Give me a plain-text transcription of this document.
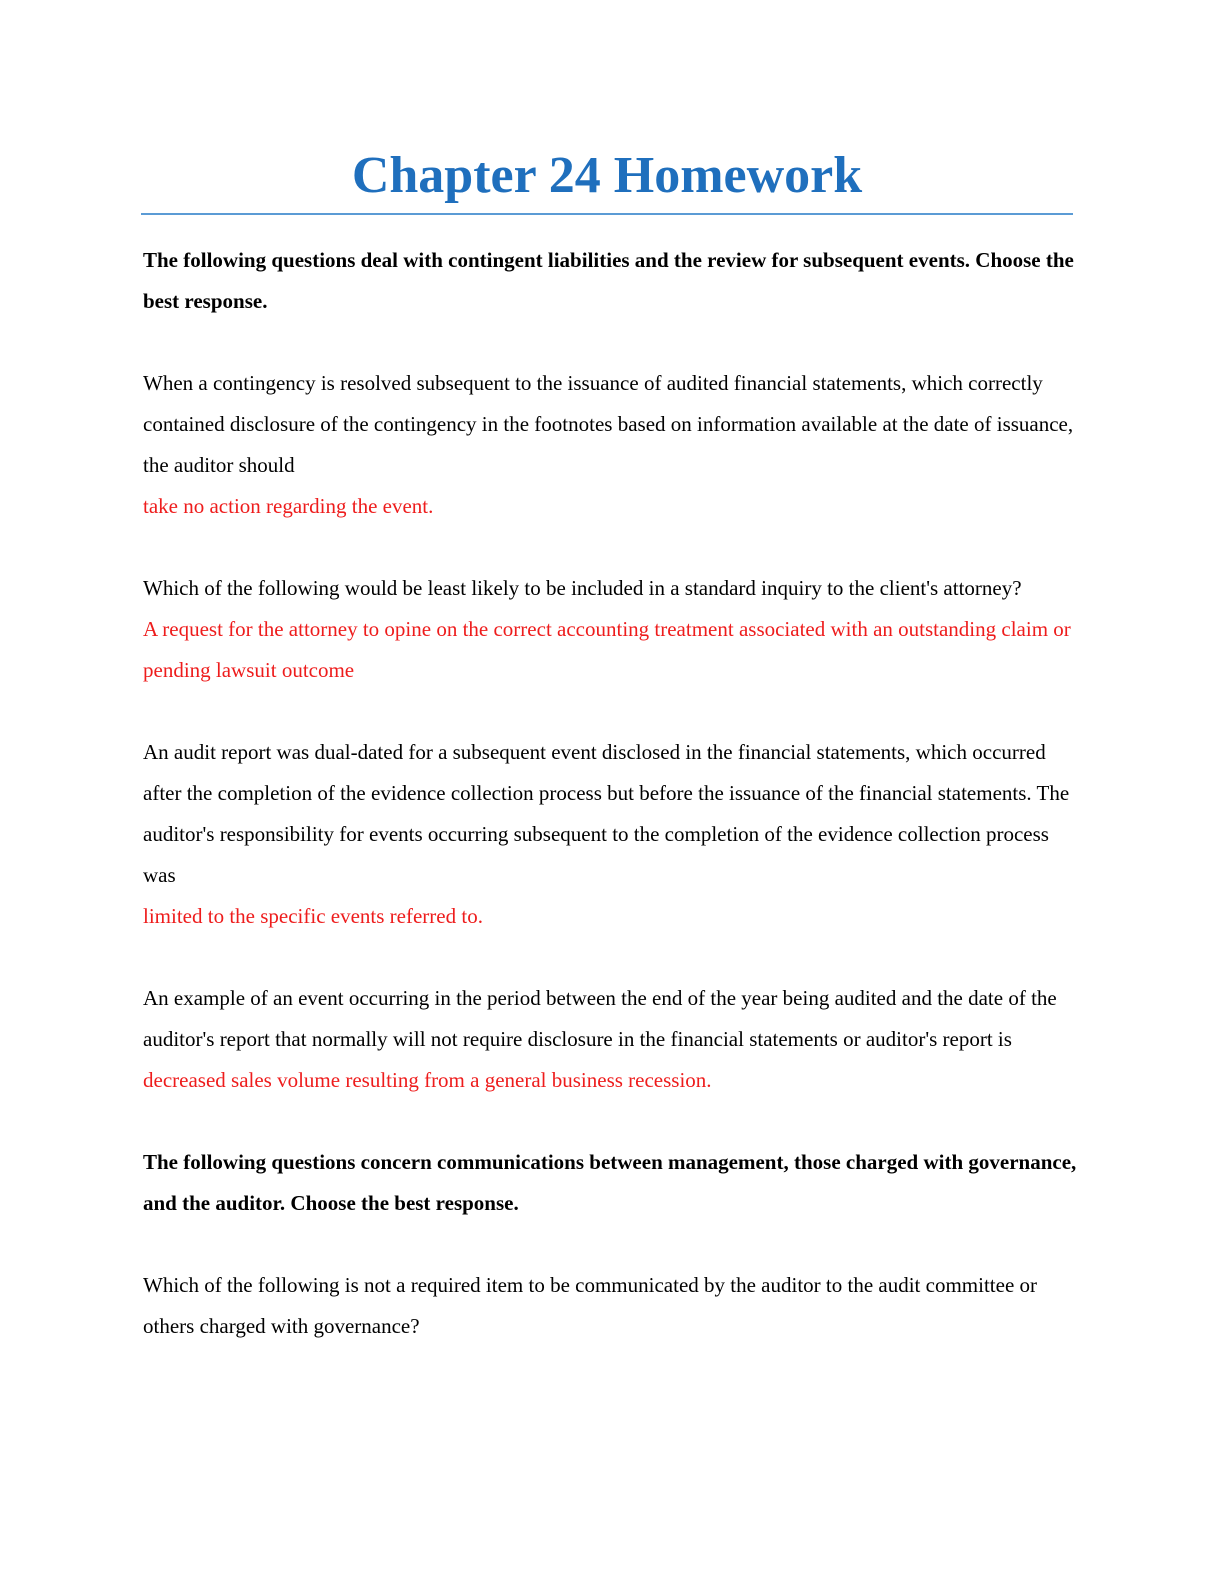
Chapter 24 Homework

The following questions deal with contingent liabilities and the review for subsequent events. Choose the best response.

When a contingency is resolved subsequent to the issuance of audited financial statements, which correctly contained disclosure of the contingency in the footnotes based on information available at the date of issuance, the auditor should

take no action regarding the event.

Which of the following would be least likely to be included in a standard inquiry to the client's attorney?

A request for the attorney to opine on the correct accounting treatment associated with an outstanding claim or pending lawsuit outcome

An audit report was dual-dated for a subsequent event disclosed in the financial statements, which occurred after the completion of the evidence collection process but before the issuance of the financial statements. The auditor's responsibility for events occurring subsequent to the completion of the evidence collection process was

limited to the specific events referred to.

An example of an event occurring in the period between the end of the year being audited and the date of the auditor's report that normally will not require disclosure in the financial statements or auditor's report is

decreased sales volume resulting from a general business recession.

The following questions concern communications between management, those charged with governance, and the auditor. Choose the best response.

Which of the following is not a required item to be communicated by the auditor to the audit committee or others charged with governance?
